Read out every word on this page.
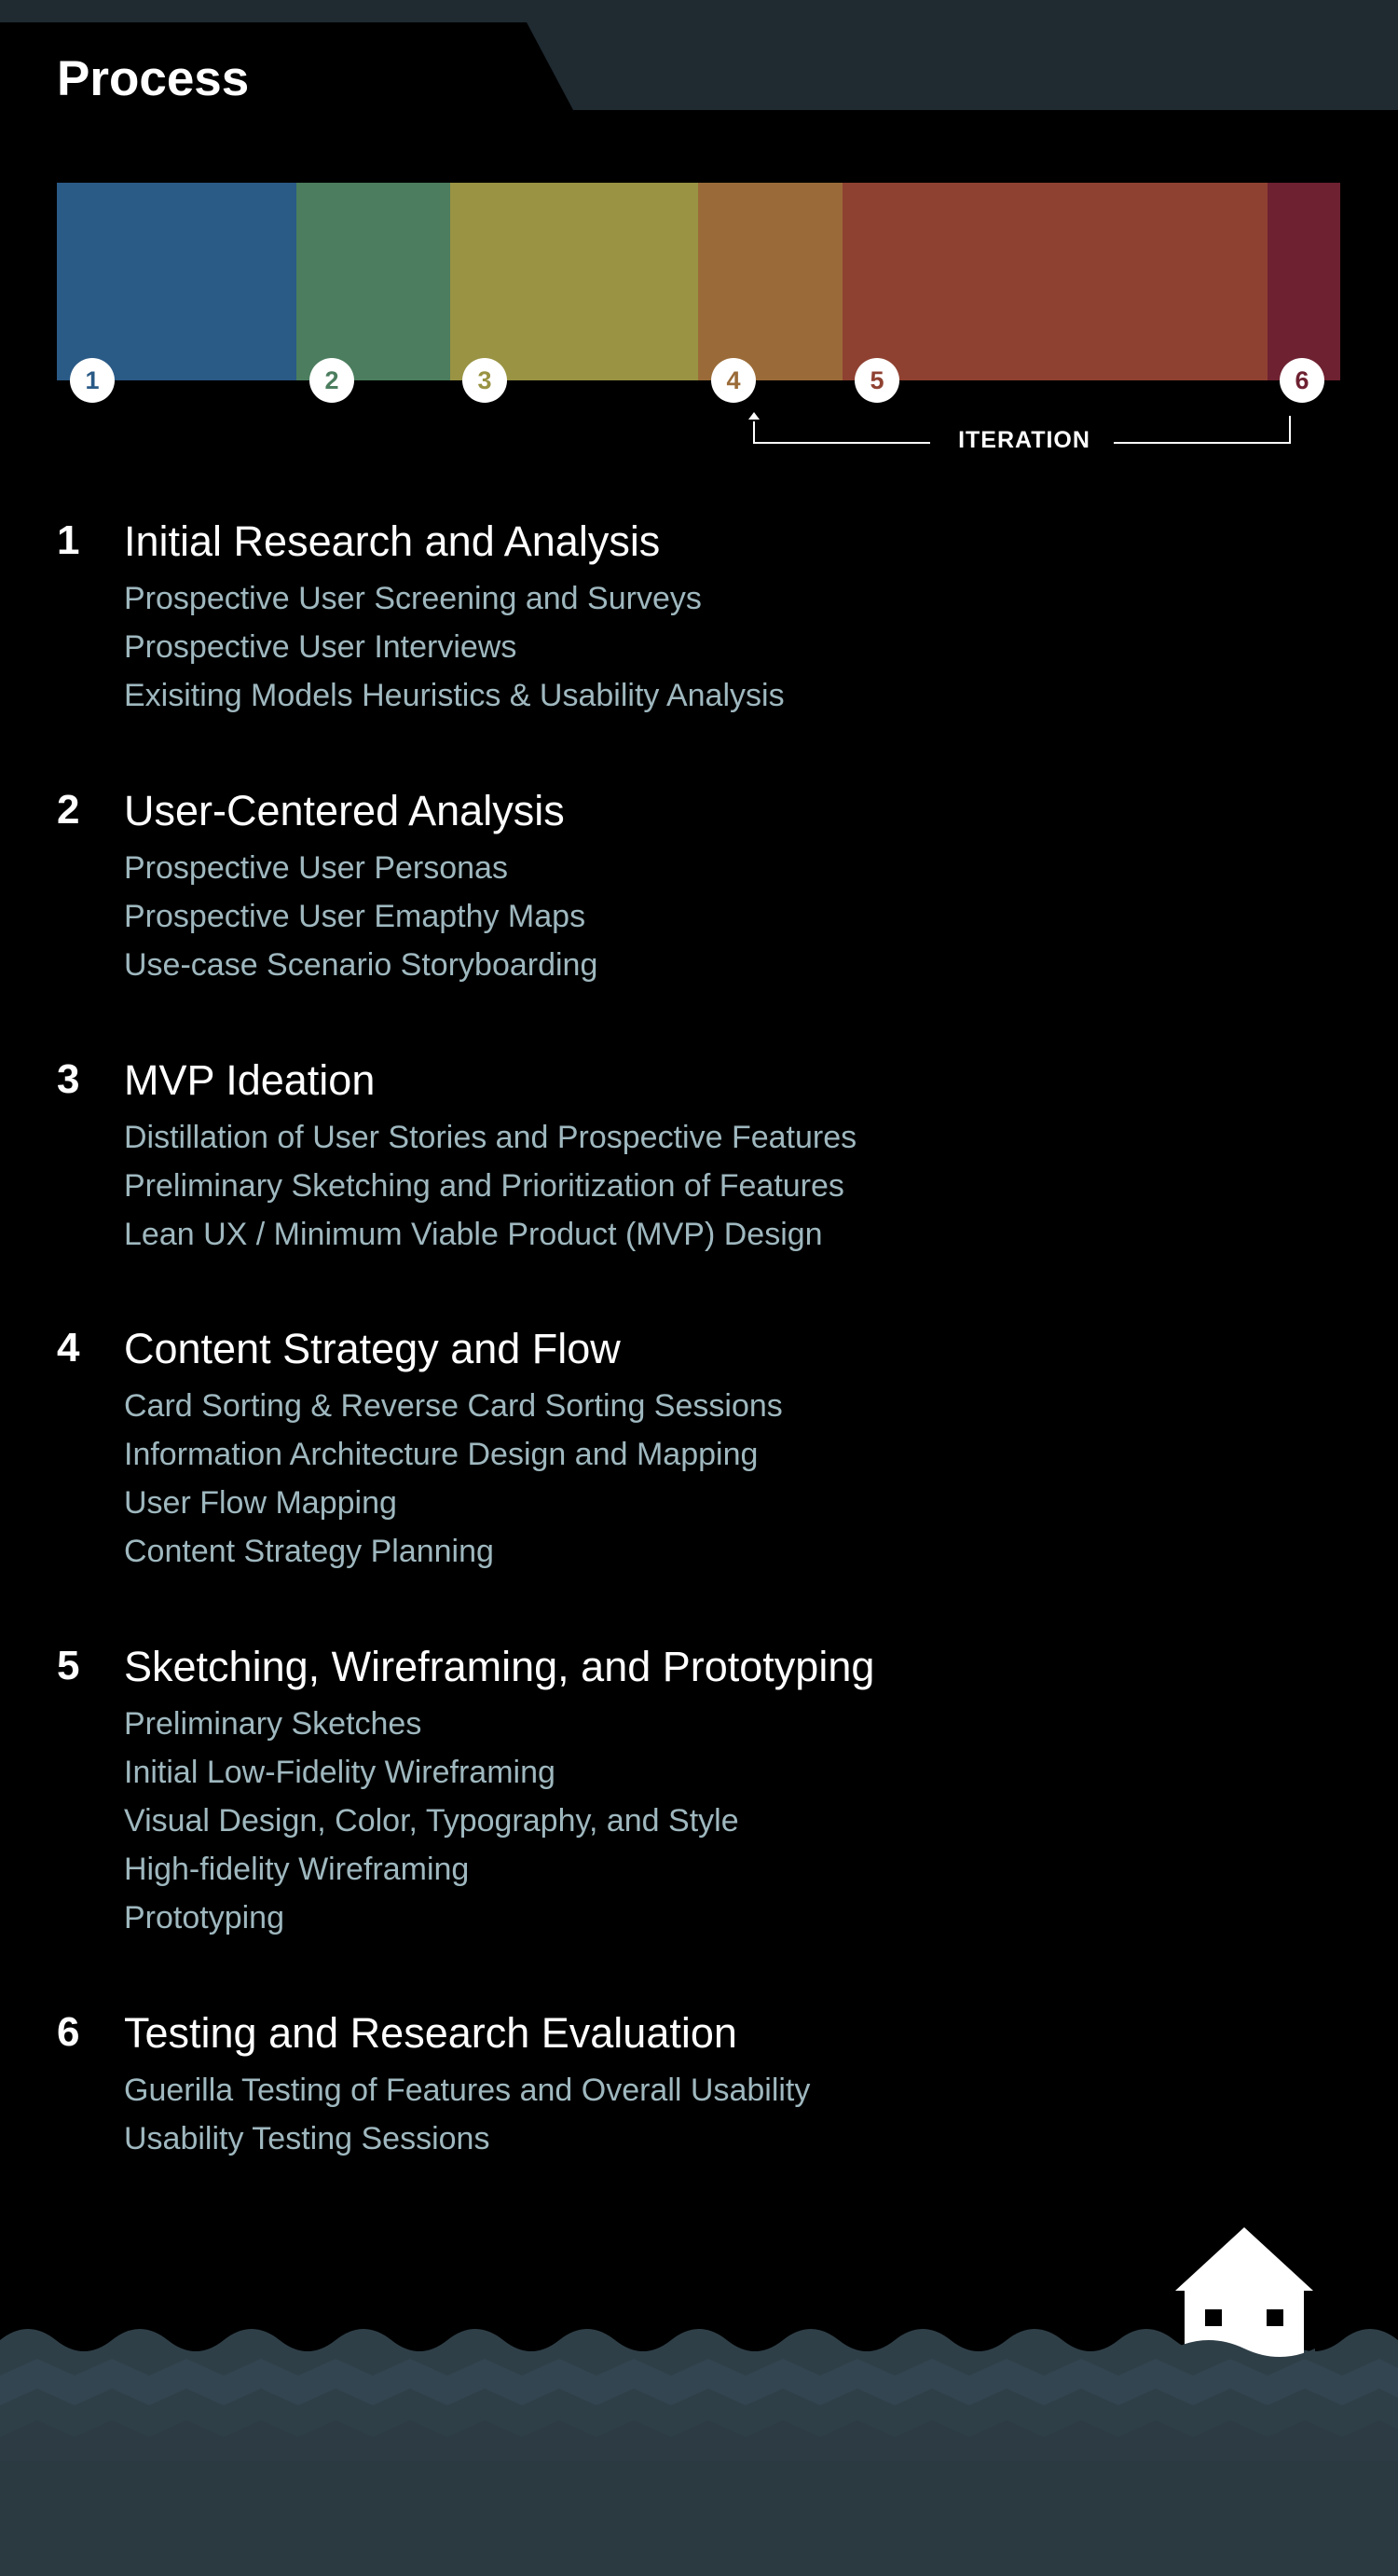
Process
1	2	3	4	5	6
ITERATION
1 Initial Research and Analysis
Prospective User Screening and Surveys
Prospective User Interviews
Exisiting Models Heuristics & Usability Analysis
2 User-Centered Analysis
Prospective User Personas
Prospective User Emapthy Maps
Use-case Scenario Storyboarding
3 MVP Ideation
Distillation of User Stories and Prospective Features
Preliminary Sketching and Prioritization of Features
Lean UX / Minimum Viable Product (MVP) Design
4 Content Strategy and Flow
Card Sorting & Reverse Card Sorting Sessions
Information Architecture Design and Mapping
User Flow Mapping
Content Strategy Planning
5 Sketching, Wireframing, and Prototyping
Preliminary Sketches
Initial Low-Fidelity Wireframing
Visual Design, Color, Typography, and Style
High-fidelity Wireframing
Prototyping
6 Testing and Research Evaluation
Guerilla Testing of Features and Overall Usability
Usability Testing Sessions
